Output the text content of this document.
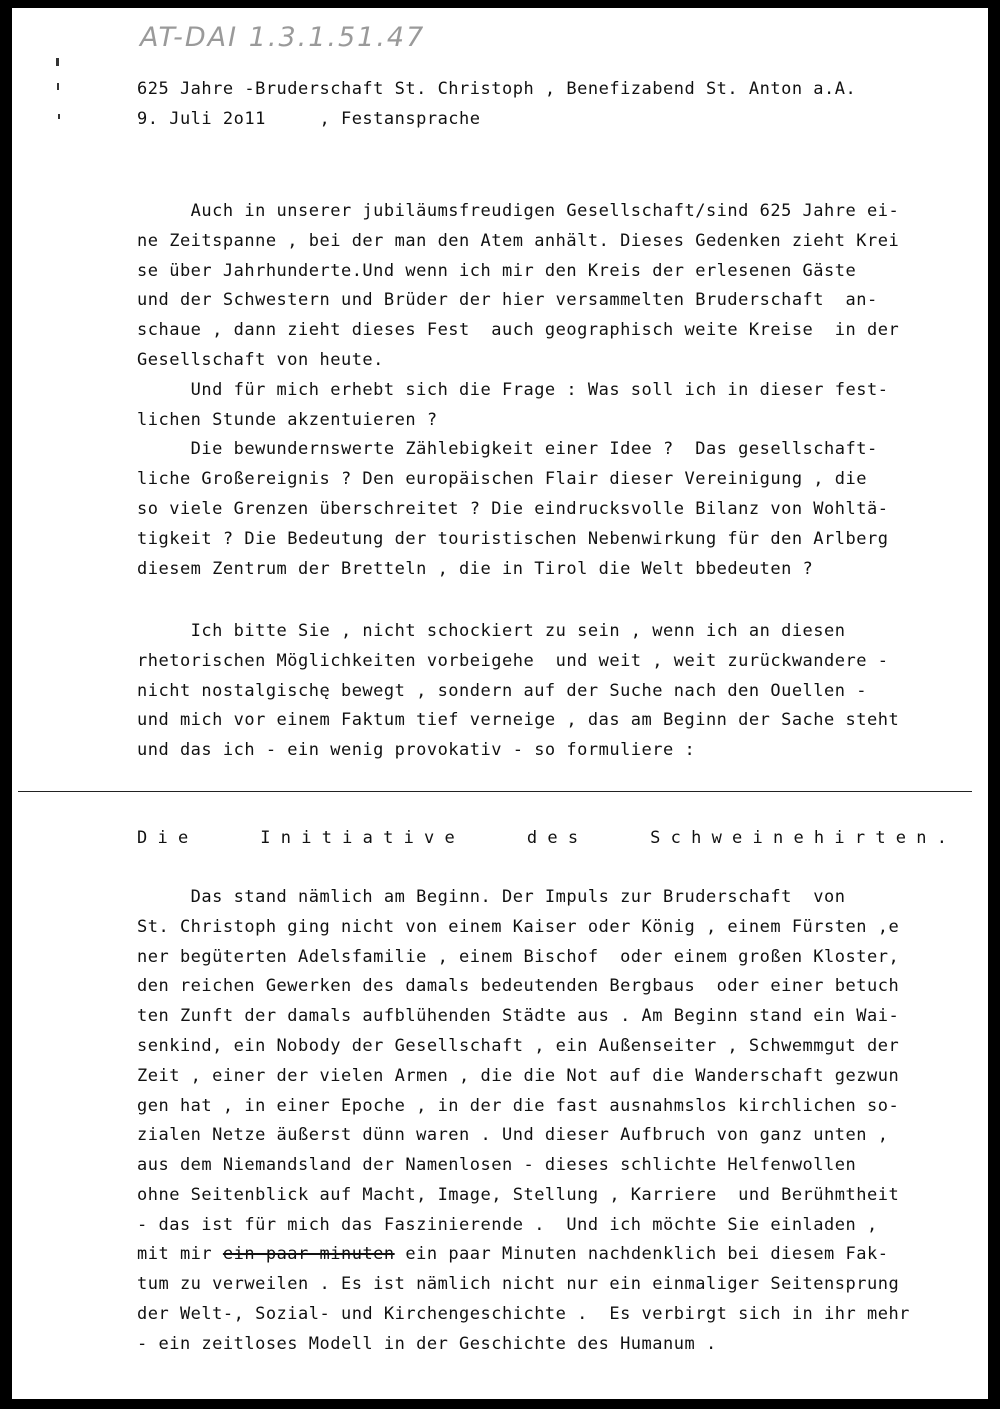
AT-DAI 1.3.1.51.47
625 Jahre -Bruderschaft St. Christoph , Benefizabend St. Anton a.A.
9. Juli 2o11     , Festansprache
Auch in unserer jubiläumsfreudigen Gesellschaft/sind 625 Jahre ei-
ne Zeitspanne , bei der man den Atem anhält. Dieses Gedenken zieht Krei
se über Jahrhunderte.Und wenn ich mir den Kreis der erlesenen Gäste
und der Schwestern und Brüder der hier versammelten Bruderschaft  an-
schaue , dann zieht dieses Fest  auch geographisch weite Kreise  in der
Gesellschaft von heute.
Und für mich erhebt sich die Frage : Was soll ich in dieser fest-
lichen Stunde akzentuieren ?
Die bewundernswerte Zählebigkeit einer Idee ?  Das gesellschaft-
liche Großereignis ? Den europäischen Flair dieser Vereinigung , die
so viele Grenzen überschreitet ? Die eindrucksvolle Bilanz von Wohltä-
tigkeit ? Die Bedeutung der touristischen Nebenwirkung für den Arlberg
diesem Zentrum der Bretteln , die in Tirol die Welt bbedeuten ?
Ich bitte Sie , nicht schockiert zu sein , wenn ich an diesen
rhetorischen Möglichkeiten vorbeigehe  und weit , weit zurückwandere -
nicht nostalgischę bewegt , sondern auf der Suche nach den Ouellen -
und mich vor einem Faktum tief verneige , das am Beginn der Sache steht
und das ich - ein wenig provokativ - so formuliere :
D i e	I n i t i a t i v e	d e s	S c h w e i n e h i r t e n .
Das stand nämlich am Beginn. Der Impuls zur Bruderschaft  von
St. Christoph ging nicht von einem Kaiser oder König , einem Fürsten ,e
ner begüterten Adelsfamilie , einem Bischof  oder einem großen Kloster,
den reichen Gewerken des damals bedeutenden Bergbaus  oder einer betuch
ten Zunft der damals aufblühenden Städte aus . Am Beginn stand ein Wai-
senkind, ein Nobody der Gesellschaft , ein Außenseiter , Schwemmgut der
Zeit , einer der vielen Armen , die die Not auf die Wanderschaft gezwun
gen hat , in einer Epoche , in der die fast ausnahmslos kirchlichen so-
zialen Netze äußerst dünn waren . Und dieser Aufbruch von ganz unten ,
aus dem Niemandsland der Namenlosen - dieses schlichte Helfenwollen
ohne Seitenblick auf Macht, Image, Stellung , Karriere  und Berühmtheit
- das ist für mich das Faszinierende .  Und ich möchte Sie einladen ,
mit mir ein paar minuten ein paar Minuten nachdenklich bei diesem Fak-
tum zu verweilen . Es ist nämlich nicht nur ein einmaliger Seitensprung
der Welt-, Sozial- und Kirchengeschichte .  Es verbirgt sich in ihr mehr
- ein zeitloses Modell in der Geschichte des Humanum .
